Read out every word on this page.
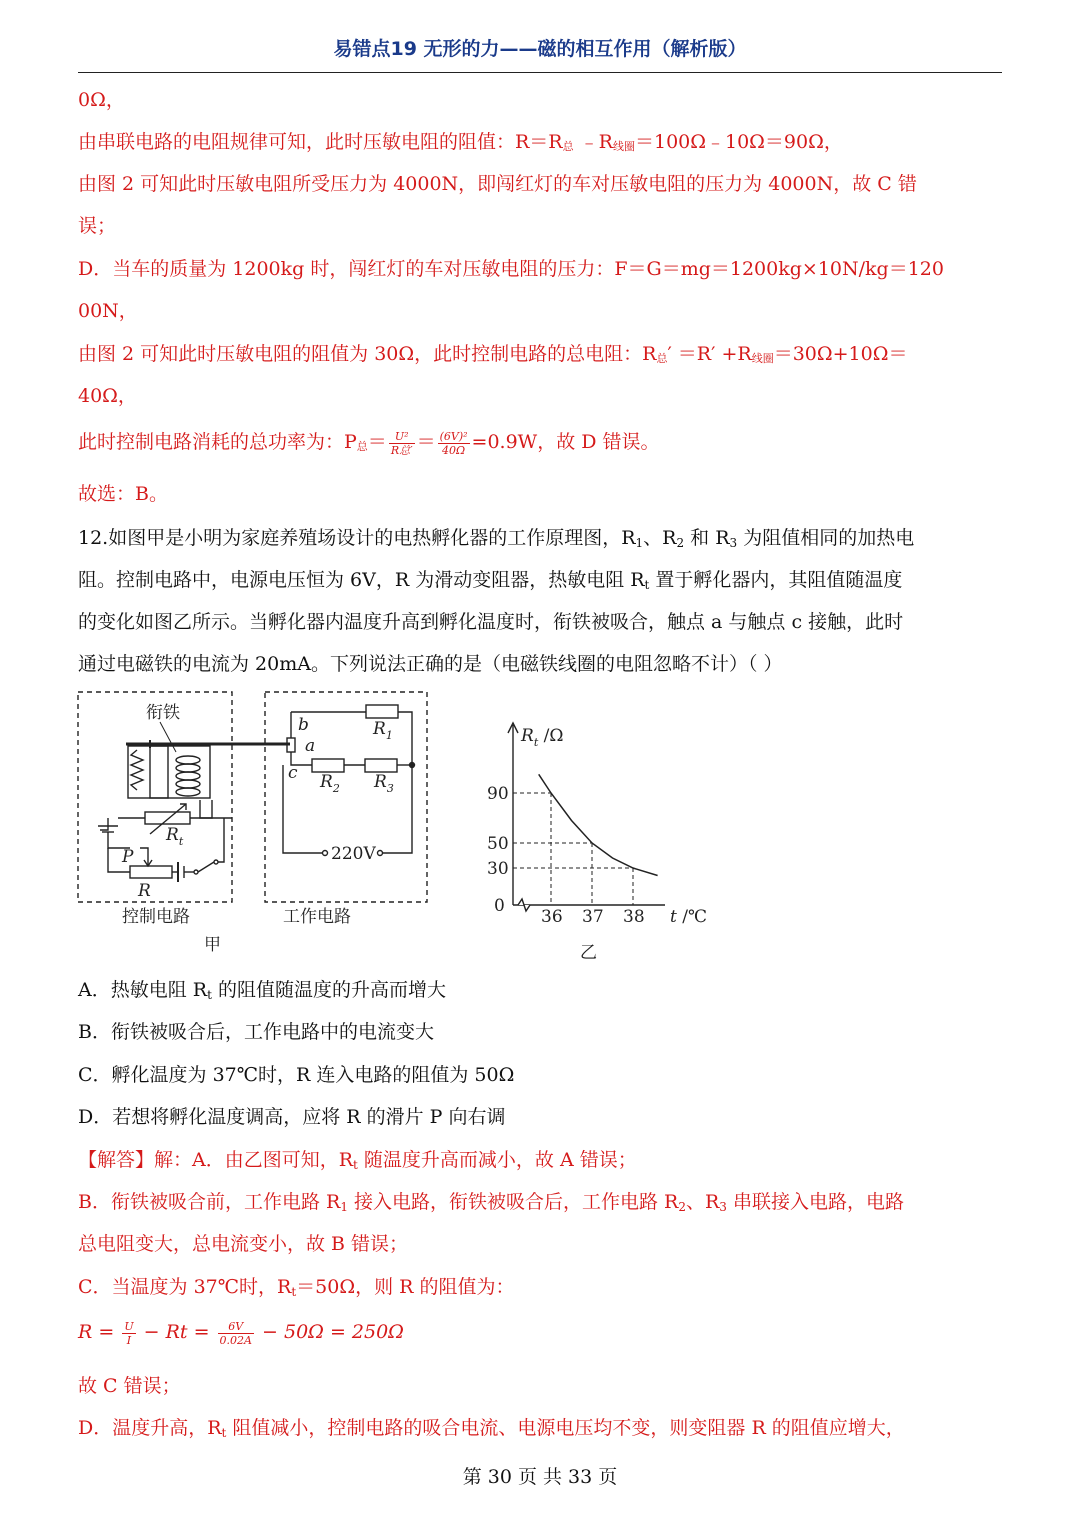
易错点19 无形的力——磁的相互作用（解析版）
0Ω，
由串联电路的电阻规律可知，此时压敏电阻的阻值：R＝R总 ﹣R线圈＝100Ω﹣10Ω＝90Ω，
由图 2 可知此时压敏电阻所受压力为 4000N，即闯红灯的车对压敏电阻的压力为 4000N，故 C 错
误；
D．当车的质量为 1200kg 时，闯红灯的车对压敏电阻的压力：F＝G＝mg＝1200kg×10N/kg＝120
00N，
由图 2 可知此时压敏电阻的阻值为 30Ω，此时控制电路的总电阻：R总′ ＝R′ +R线圈＝30Ω+10Ω＝
40Ω，
此时控制电路消耗的总功率为：P总＝ $\frac{\text{U²}}{\text{R总′}} = \frac{\text{(6V)²}}{40\Omega} =0.9W$，故 D 错误。
故选：B。
12.如图甲是小明为家庭养殖场设计的电热孵化器的工作原理图，$R_1$、$R_2$ 和 $R_3$ 为阻值相同的加热电
阻。控制电路中，电源电压恒为 6V，R 为滑动变阻器，热敏电阻 $R_t$ 置于孵化器内，其阻值随温度
的变化如图乙所示。当孵化器内温度升高到孵化温度时，衔铁被吸合，触点 a 与触点 c 接触，此时
通过电磁铁的电流为 20mA。下列说法正确的是（电磁铁线圈的电阻忽略不计）（ ）
衔铁
$R_t$
P
R
b
a
c
$R_1$
$R_2$ $R_3$
220V
控制电路	工作电路
甲
$R_t$ /Ω
t /℃
0
乙
36
90
37
50
38
30
A．热敏电阻 $R_t$ 的阻值随温度的升高而增大
B．衔铁被吸合后，工作电路中的电流变大
C．孵化温度为 37℃时，R 连入电路的阻值为 50Ω
D．若想将孵化温度调高，应将 R 的滑片 P 向右调
【解答】解：A．由乙图可知，$R_t$ 随温度升高而减小，故 A 错误；
B．衔铁被吸合前，工作电路 $R_1$ 接入电路，衔铁被吸合后，工作电路 $R_2$、$R_3$ 串联接入电路，电路
总电阻变大，总电流变小，故 B 错误；
C．当温度为 37℃时，$R_t=50\Omega$，则 R 的阻值为：
$R = \frac{U}{I} - Rt = \frac{6V}{0.02A} - 50\Omega = 250\Omega$
故 C 错误；
D．温度升高，$R_t$ 阻值减小，控制电路的吸合电流、电源电压均不变，则变阻器 R 的阻值应增大，
第 30 页 共 33 页
